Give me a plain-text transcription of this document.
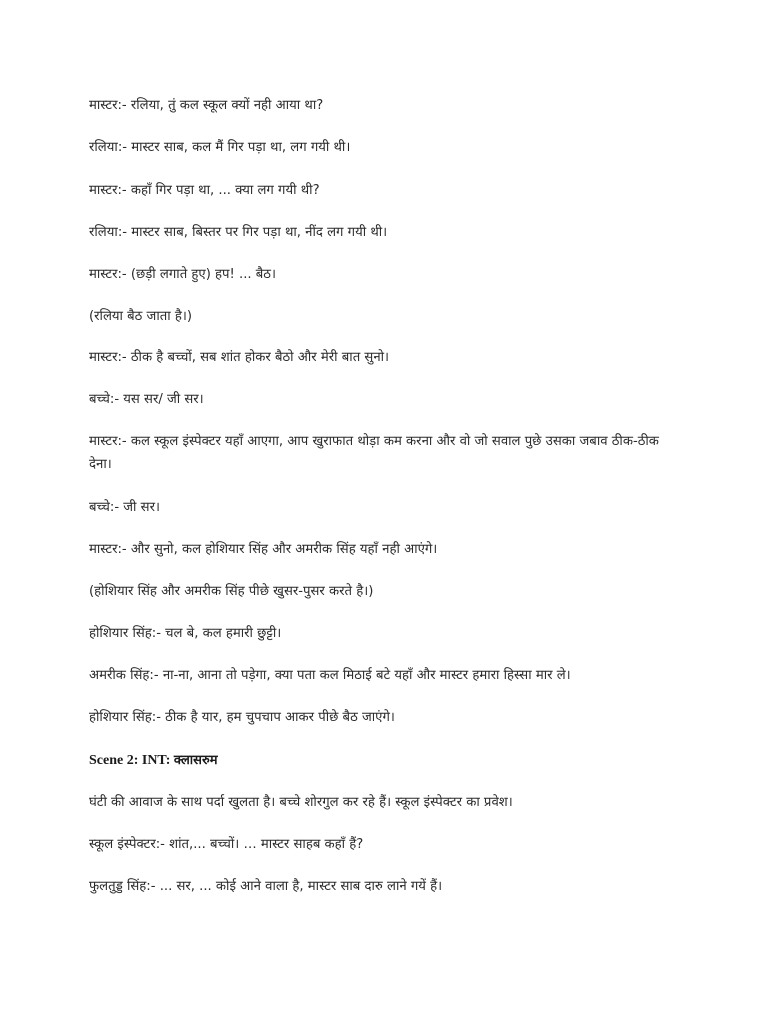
मास्टर:- रलिया, तुं कल स्कूल क्यों नही आया था?

रलिया:- मास्टर साब, कल मैं गिर पड़ा था, लग गयी थी।

मास्टर:- कहाँ गिर पड़ा था, ... क्या लग गयी थी?

रलिया:- मास्टर साब, बिस्तर पर गिर पड़ा था, नींद लग गयी थी।

मास्टर:- (छड़ी लगाते हुए) हप! ... बैठ।

(रलिया बैठ जाता है।)

मास्टर:- ठीक है बच्चों, सब शांत होकर बैठो और मेरी बात सुनो।

बच्चे:- यस सर/ जी सर।

मास्टर:- कल स्कूल इंस्पेक्टर यहाँ आएगा, आप खुराफात थोड़ा कम करना और वो जो सवाल पुछे उसका जबाव ठीक-ठीक देना।

बच्चे:- जी सर।

मास्टर:- और सुनो, कल होशियार सिंह और अमरीक सिंह यहाँ नही आएंगे।

(होशियार सिंह और अमरीक सिंह पीछे खुसर-पुसर करते है।)

होशियार सिंह:- चल बे, कल हमारी छुट्टी।

अमरीक सिंह:- ना-ना, आना तो पड़ेगा, क्या पता कल मिठाई बटे यहाँ और मास्टर हमारा हिस्सा मार ले।

होशियार सिंह:- ठीक है यार, हम चुपचाप आकर पीछे बैठ जाएंगे।

Scene 2: INT: क्लासरुम

घंटी की आवाज के साथ पर्दा खुलता है। बच्चे शोरगुल कर रहे हैं। स्कूल इंस्पेक्टर का प्रवेश।

स्कूल इंस्पेक्टर:- शांत,... बच्चों। … मास्टर साहब कहाँ हैं?

फुलतुड्ड सिंह:- ... सर, ... कोई आने वाला है, मास्टर साब दारु लाने गयें हैं।
